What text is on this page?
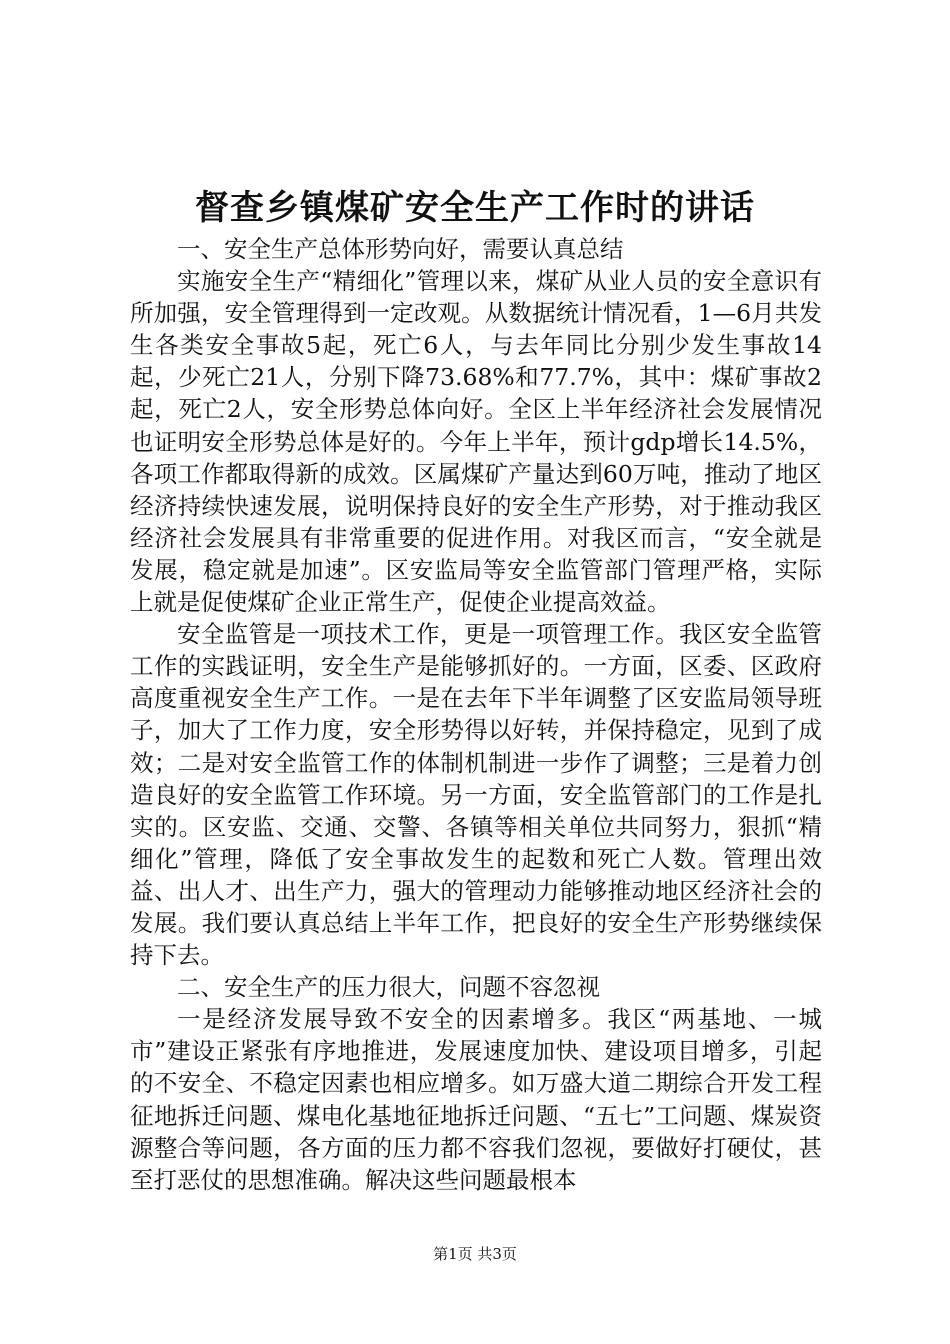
督查乡镇煤矿安全生产工作时的讲话

一、安全生产总体形势向好，需要认真总结

实施安全生产“精细化”管理以来，煤矿从业人员的安全意识有所加强，安全管理得到一定改观。从数据统计情况看，1—6月共发生各类安全事故5起，死亡6人，与去年同比分别少发生事故14起，少死亡21人，分别下降73.68%和77.7%，其中：煤矿事故2起，死亡2人，安全形势总体向好。全区上半年经济社会发展情况也证明安全形势总体是好的。今年上半年，预计gdp增长14.5%，各项工作都取得新的成效。区属煤矿产量达到60万吨，推动了地区经济持续快速发展，说明保持良好的安全生产形势，对于推动我区经济社会发展具有非常重要的促进作用。对我区而言，“安全就是发展，稳定就是加速”。区安监局等安全监管部门管理严格，实际上就是促使煤矿企业正常生产，促使企业提高效益。

安全监管是一项技术工作，更是一项管理工作。我区安全监管工作的实践证明，安全生产是能够抓好的。一方面，区委、区政府高度重视安全生产工作。一是在去年下半年调整了区安监局领导班子，加大了工作力度，安全形势得以好转，并保持稳定，见到了成效；二是对安全监管工作的体制机制进一步作了调整；三是着力创造良好的安全监管工作环境。另一方面，安全监管部门的工作是扎实的。区安监、交通、交警、各镇等相关单位共同努力，狠抓“精细化”管理，降低了安全事故发生的起数和死亡人数。管理出效益、出人才、出生产力，强大的管理动力能够推动地区经济社会的发展。我们要认真总结上半年工作，把良好的安全生产形势继续保持下去。

二、安全生产的压力很大，问题不容忽视

一是经济发展导致不安全的因素增多。我区“两基地、一城市”建设正紧张有序地推进，发展速度加快、建设项目增多，引起的不安全、不稳定因素也相应增多。如万盛大道二期综合开发工程征地拆迁问题、煤电化基地征地拆迁问题、“五七”工问题、煤炭资源整合等问题，各方面的压力都不容我们忽视，要做好打硬仗，甚至打恶仗的思想准确。解决这些问题最根本

第1页 共3页
